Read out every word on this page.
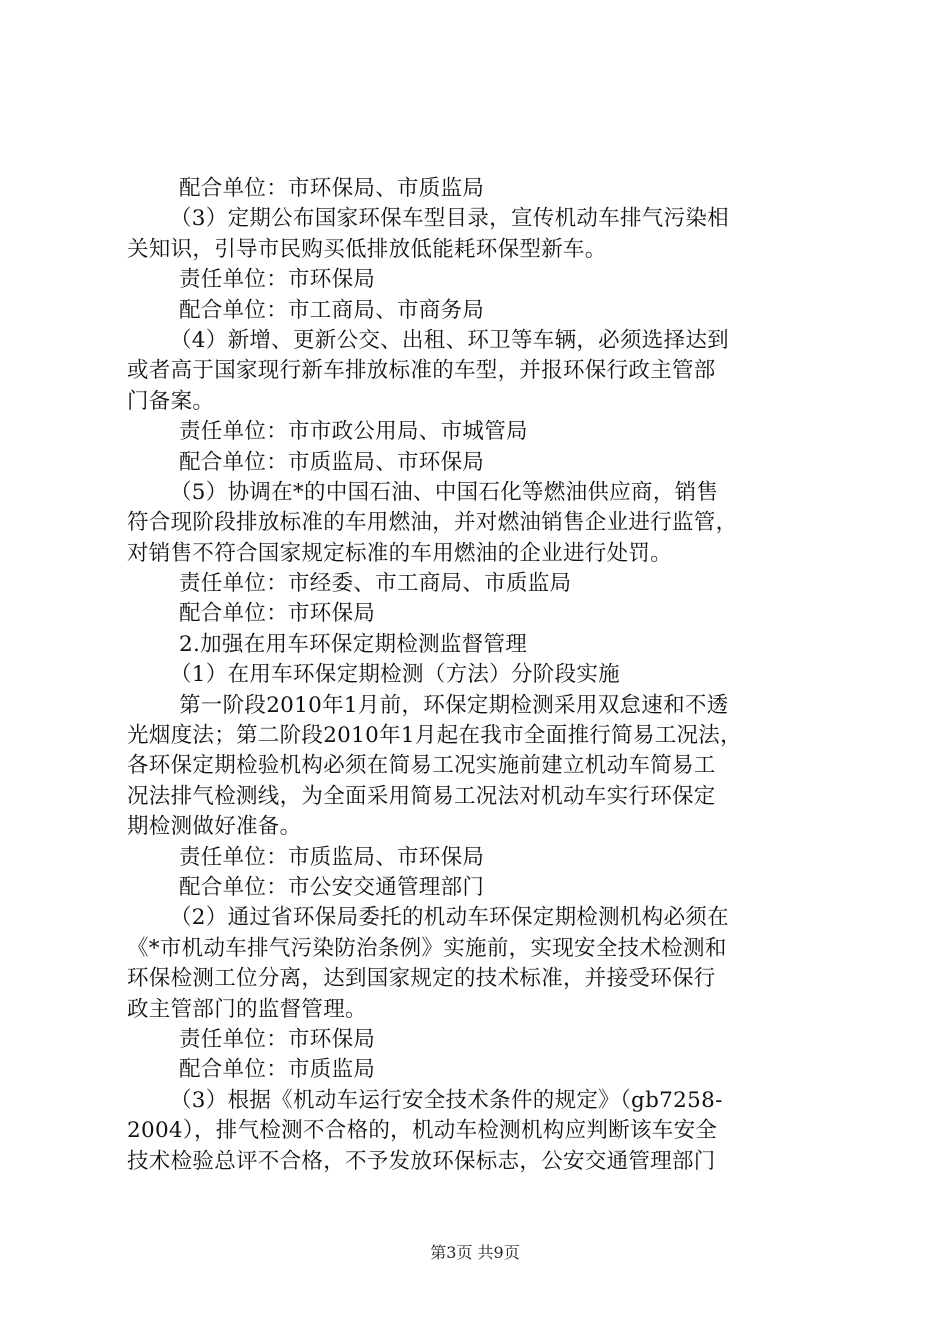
配合单位：市环保局、市质监局
（3）定期公布国家环保车型目录，宣传机动车排气污染相
关知识，引导市民购买低排放低能耗环保型新车。
责任单位：市环保局
配合单位：市工商局、市商务局
（4）新增、更新公交、出租、环卫等车辆，必须选择达到
或者高于国家现行新车排放标准的车型，并报环保行政主管部
门备案。
责任单位：市市政公用局、市城管局
配合单位：市质监局、市环保局
（5）协调在*的中国石油、中国石化等燃油供应商，销售
符合现阶段排放标准的车用燃油，并对燃油销售企业进行监管，
对销售不符合国家规定标准的车用燃油的企业进行处罚。
责任单位：市经委、市工商局、市质监局
配合单位：市环保局
2.加强在用车环保定期检测监督管理
（1）在用车环保定期检测（方法）分阶段实施
第一阶段2010年1月前，环保定期检测采用双怠速和不透
光烟度法；第二阶段2010年1月起在我市全面推行简易工况法，
各环保定期检验机构必须在简易工况实施前建立机动车简易工
况法排气检测线，为全面采用简易工况法对机动车实行环保定
期检测做好准备。
责任单位：市质监局、市环保局
配合单位：市公安交通管理部门
（2）通过省环保局委托的机动车环保定期检测机构必须在
《*市机动车排气污染防治条例》实施前，实现安全技术检测和
环保检测工位分离，达到国家规定的技术标准，并接受环保行
政主管部门的监督管理。
责任单位：市环保局
配合单位：市质监局
（3）根据《机动车运行安全技术条件的规定》（gb7258-
2004），排气检测不合格的，机动车检测机构应判断该车安全
技术检验总评不合格，不予发放环保标志，公安交通管理部门
第3页 共9页
